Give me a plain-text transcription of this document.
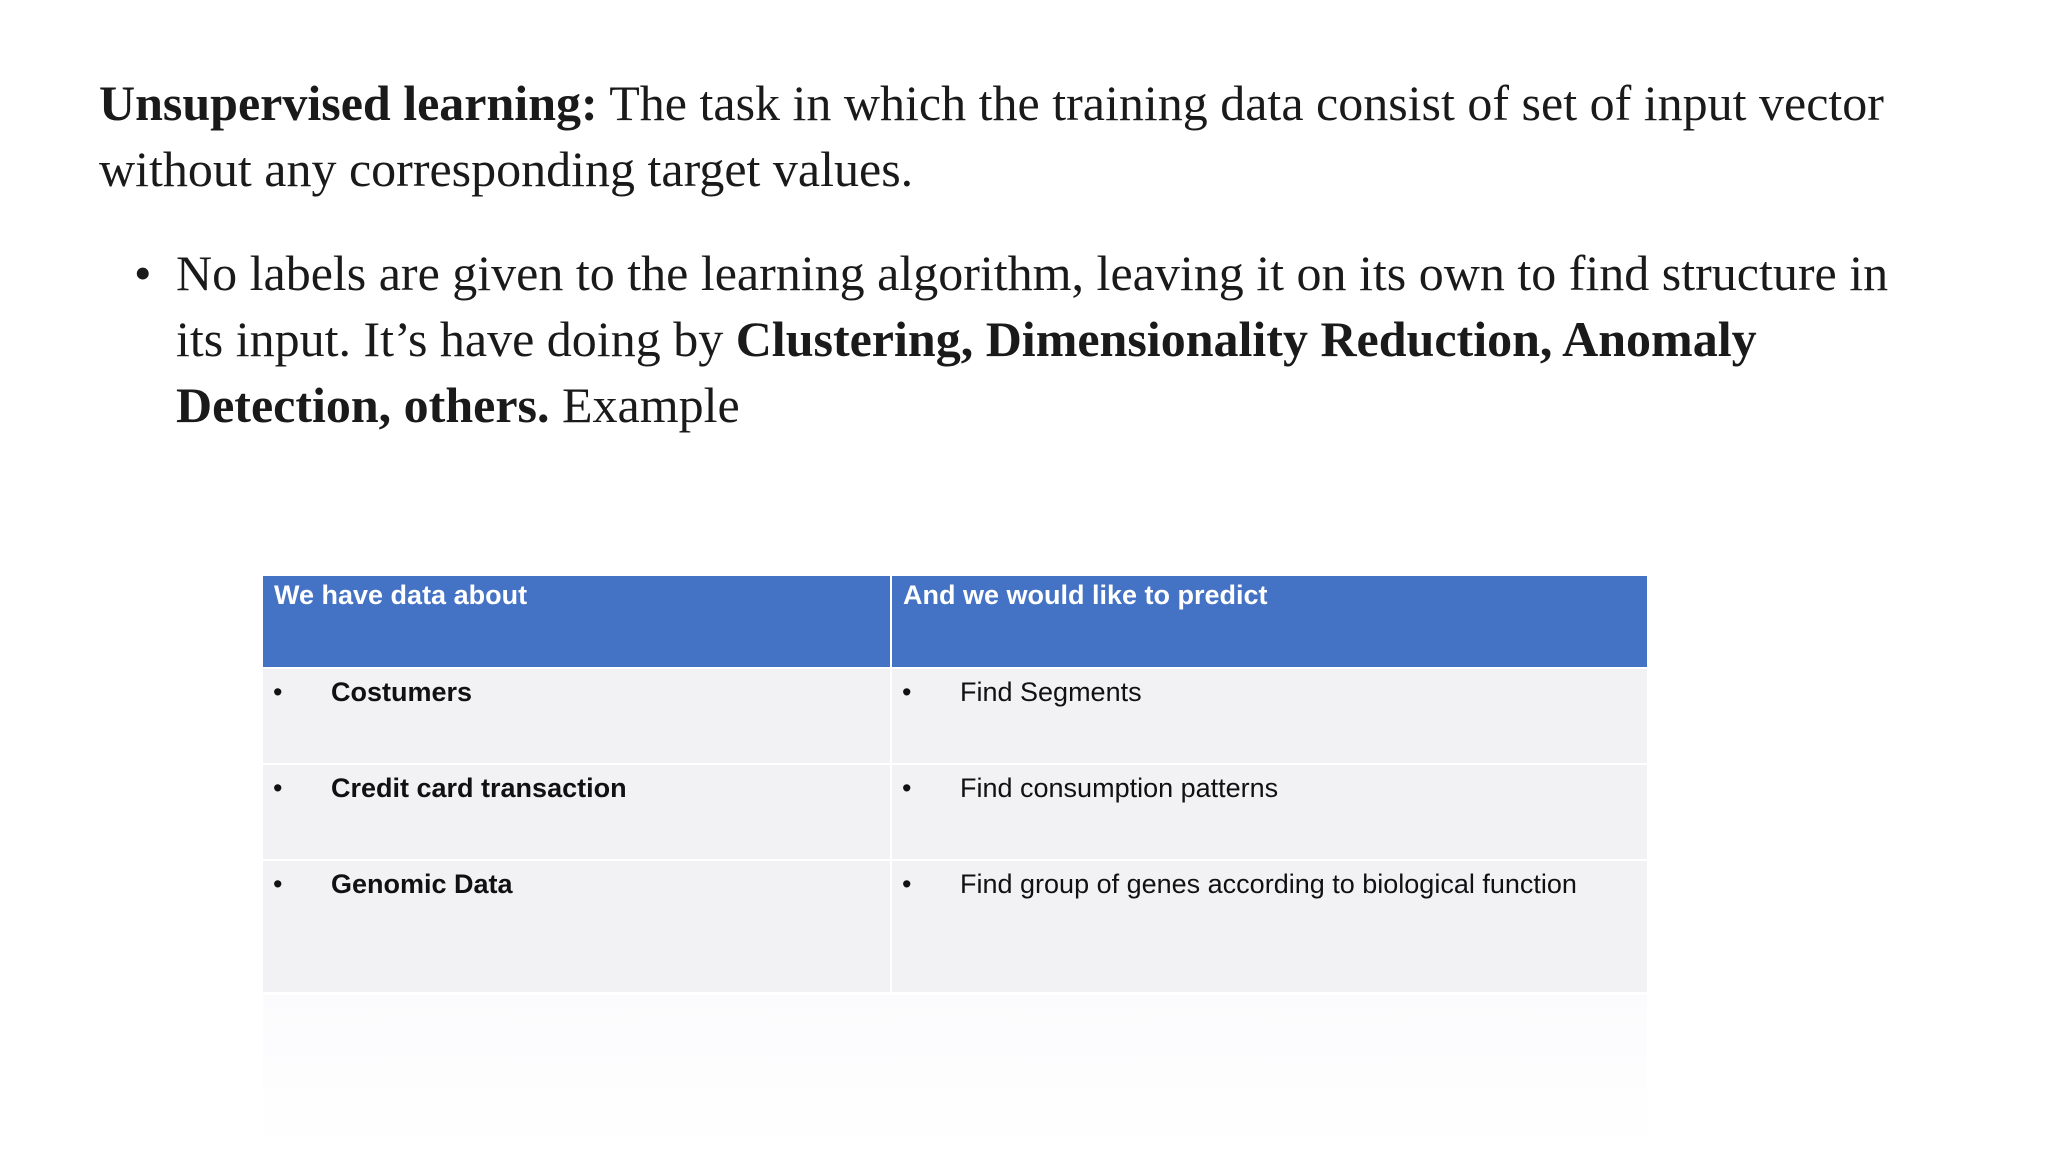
Unsupervised learning: The task in which the training data consist of set of input vector without any corresponding target values.

• No labels are given to the learning algorithm, leaving it on its own to find structure in its input. It’s have doing by Clustering, Dimensionality Reduction, Anomaly Detection, others. Example
We have data about	And we would like to predict

• Costumers	• Find Segments

• Credit card transaction	• Find consumption patterns

• Genomic Data	• Find group of genes according to biological function
